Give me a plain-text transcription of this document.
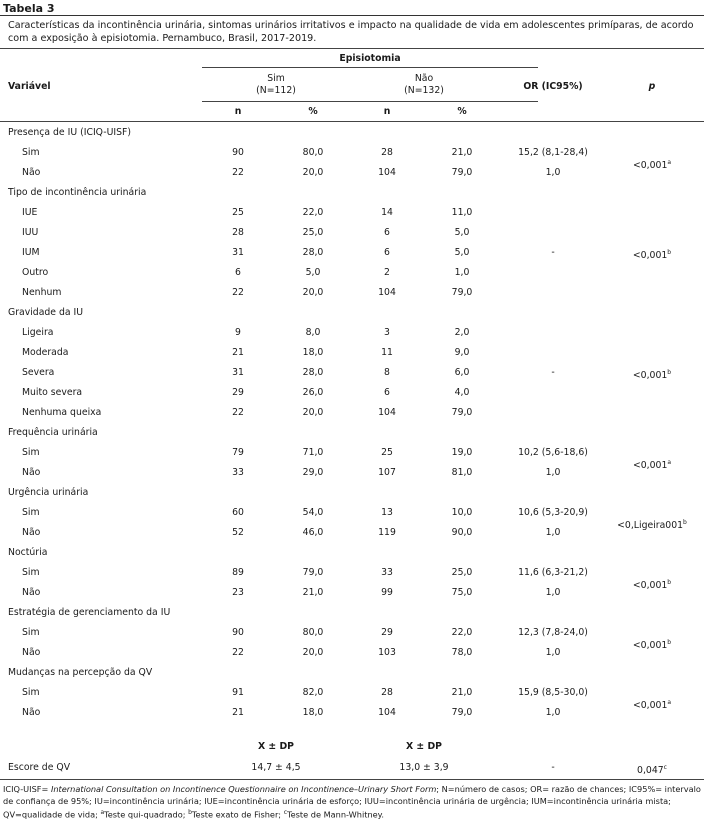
Tabela 3
Características da incontinência urinária, sintomas urinários irritativos e impacto na qualidade de vida em adolescentes primíparas, de acordo com a exposição à episiotomia. Pernambuco, Brasil, 2017-2019.
Episiotomia
Variável
Sim
(N=112)
Não
(N=132)	OR (IC95%)	p
n	%	n	%
Presença de IU (ICIQ-UISF)
Sim	90	80,0	28	21,0	15,2 (8,1-28,4)
Não	22	20,0	104	79,0	1,0
<0,001$^a$
Tipo de incontinência urinária
IUE	25	22,0	14	11,0
IUU	28	25,0	6	5,0
IUM	31	28,0	6	5,0
Outro	6	5,0	2	1,0
Nenhum	22	20,0	104	79,0
-	<0,001$^b$
Gravidade da IU
Ligeira	9	8,0	3	2,0
Moderada	21	18,0	11	9,0
Severa	31	28,0	8	6,0
Muito severa	29	26,0	6	4,0
Nenhuma queixa	22	20,0	104	79,0
-	<0,001$^b$
Frequência urinária
Sim	79	71,0	25	19,0	10,2 (5,6-18,6)
Não	33	29,0	107	81,0	1,0
<0,001$^a$
Urgência urinária
Sim	60	54,0	13	10,0	10,6 (5,3-20,9)
Não	52	46,0	119	90,0	1,0
$<0,Ligeira001^b$
Noctúria
Sim	89	79,0	33	25,0	11,6 (6,3-21,2)
Não	23	21,0	99	75,0	1,0
<0,001$^b$
Estratégia de gerenciamento da IU
Sim	90	80,0	29	22,0	12,3 (7,8-24,0)
Não	22	20,0	103	78,0	1,0
<0,001$^b$
Mudanças na percepção da QV
Sim	91	82,0	28	21,0	15,9 (8,5-30,0)
Não	21	18,0	104	79,0	1,0
<0,001$^a$
X ± DP	X ± DP
Escore de QV	14,7 ± 4,5	13,0 ± 3,9	-	0,047$^c$
ICIQ-UISF= International Consultation on Incontinence Questionnaire on Incontinence–Urinary Short Form; N=número de casos; OR= razão de chances; IC95%= intervalo de confiança de 95%; IU=incontinência urinária; IUE=incontinência urinária de esforço; IUU=incontinência urinária de urgência; IUM=incontinência urinária mista; QV=qualidade de vida; $^a$Teste qui-quadrado; $^b$Teste exato de Fisher; $^c$Teste de Mann-Whitney.
